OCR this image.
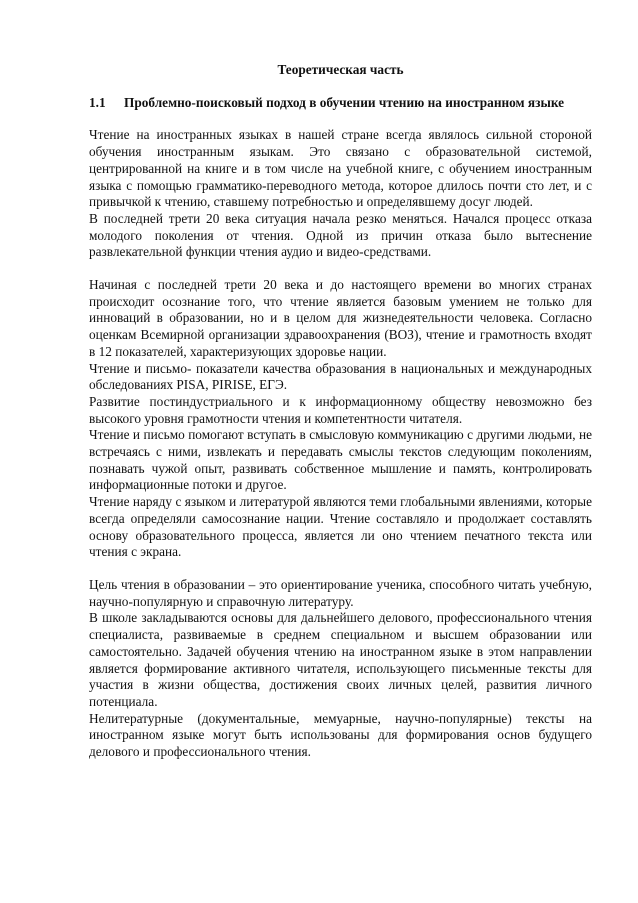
Теоретическая часть
1.1	Проблемно-поисковый подход в обучении чтению на иностранном языке

Чтение на иностранных языках в нашей стране всегда являлось сильной стороной обучения иностранным языкам. Это связано с образовательной системой, центрированной на книге и в том числе на учебной книге, с обучением иностранным языка с помощью грамматико-переводного метода, которое длилось почти сто лет, и с привычкой к чтению, ставшему потребностью и определявшему досуг людей.

В последней трети 20 века ситуация начала резко меняться. Начался процесс отказа молодого поколения от чтения. Одной из причин отказа было вытеснение развлекательной функции чтения аудио и видео-средствами.

Начиная с последней трети 20 века и до настоящего времени во многих странах происходит осознание того, что чтение является базовым умением не только для инноваций в образовании, но и в целом для жизнедеятельности человека. Согласно оценкам Всемирной организации здравоохранения (ВОЗ), чтение и грамотность входят в 12 показателей, характеризующих здоровье нации.

Чтение и письмо- показатели качества образования в национальных и международных обследованиях PISA, PIRISE, ЕГЭ.

Развитие постиндустриального и к информационному обществу невозможно без высокого уровня грамотности чтения и компетентности читателя.

Чтение и письмо помогают вступать в смысловую коммуникацию с другими людьми, не встречаясь с ними, извлекать и передавать смыслы текстов следующим поколениям, познавать чужой опыт, развивать собственное мышление и память, контролировать информационные потоки и другое.

Чтение наряду с языком и литературой являются теми глобальными явлениями, которые всегда определяли самосознание нации. Чтение составляло и продолжает составлять основу образовательного процесса, является ли оно чтением печатного текста или чтения с экрана.

Цель чтения в образовании – это ориентирование ученика, способного читать учебную, научно-популярную и справочную литературу.

В школе закладываются основы для дальнейшего делового, профессионального чтения специалиста, развиваемые в среднем специальном и высшем образовании или самостоятельно. Задачей обучения чтению на иностранном языке в этом направлении является формирование активного читателя, использующего письменные тексты для участия в жизни общества, достижения своих личных целей, развития личного потенциала.

Нелитературные (документальные, мемуарные, научно-популярные) тексты на иностранном языке могут быть использованы для формирования основ будущего делового и профессионального чтения.
